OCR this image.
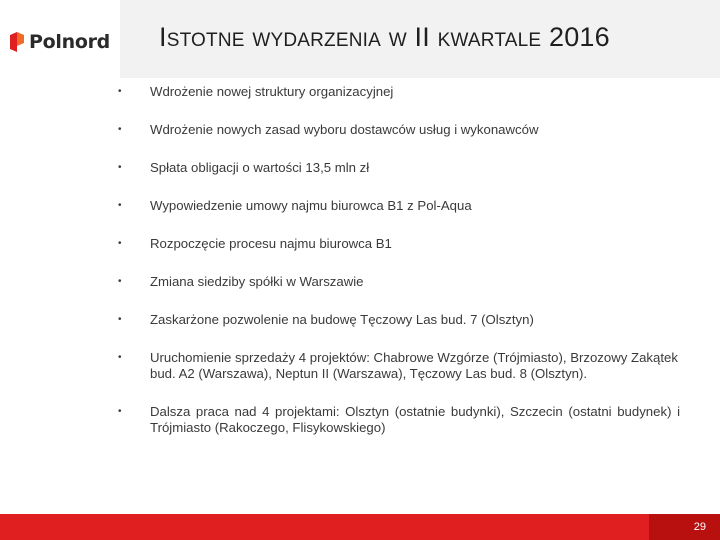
Polnord Istotne wydarzenia w II kwartale 2016
•	Wdrożenie nowej struktury organizacyjnej
•	Wdrożenie nowych zasad wyboru dostawców usług i wykonawców
•	Spłata obligacji o wartości 13,5 mln zł
•	Wypowiedzenie umowy najmu biurowca B1 z Pol-Aqua
•	Rozpoczęcie procesu najmu biurowca B1
•	Zmiana siedziby spółki w Warszawie
•	Zaskarżone pozwolenie na budowę Tęczowy Las bud. 7 (Olsztyn)
•	Uruchomienie sprzedaży 4 projektów: Chabrowe Wzgórze (Trójmiasto), Brzozowy Zakątek bud. A2 (Warszawa), Neptun II (Warszawa), Tęczowy Las bud. 8 (Olsztyn).
•	Dalsza praca nad 4 projektami: Olsztyn (ostatnie budynki), Szczecin (ostatni budynek) i Trójmiasto (Rakoczego, Flisykowskiego)
29
